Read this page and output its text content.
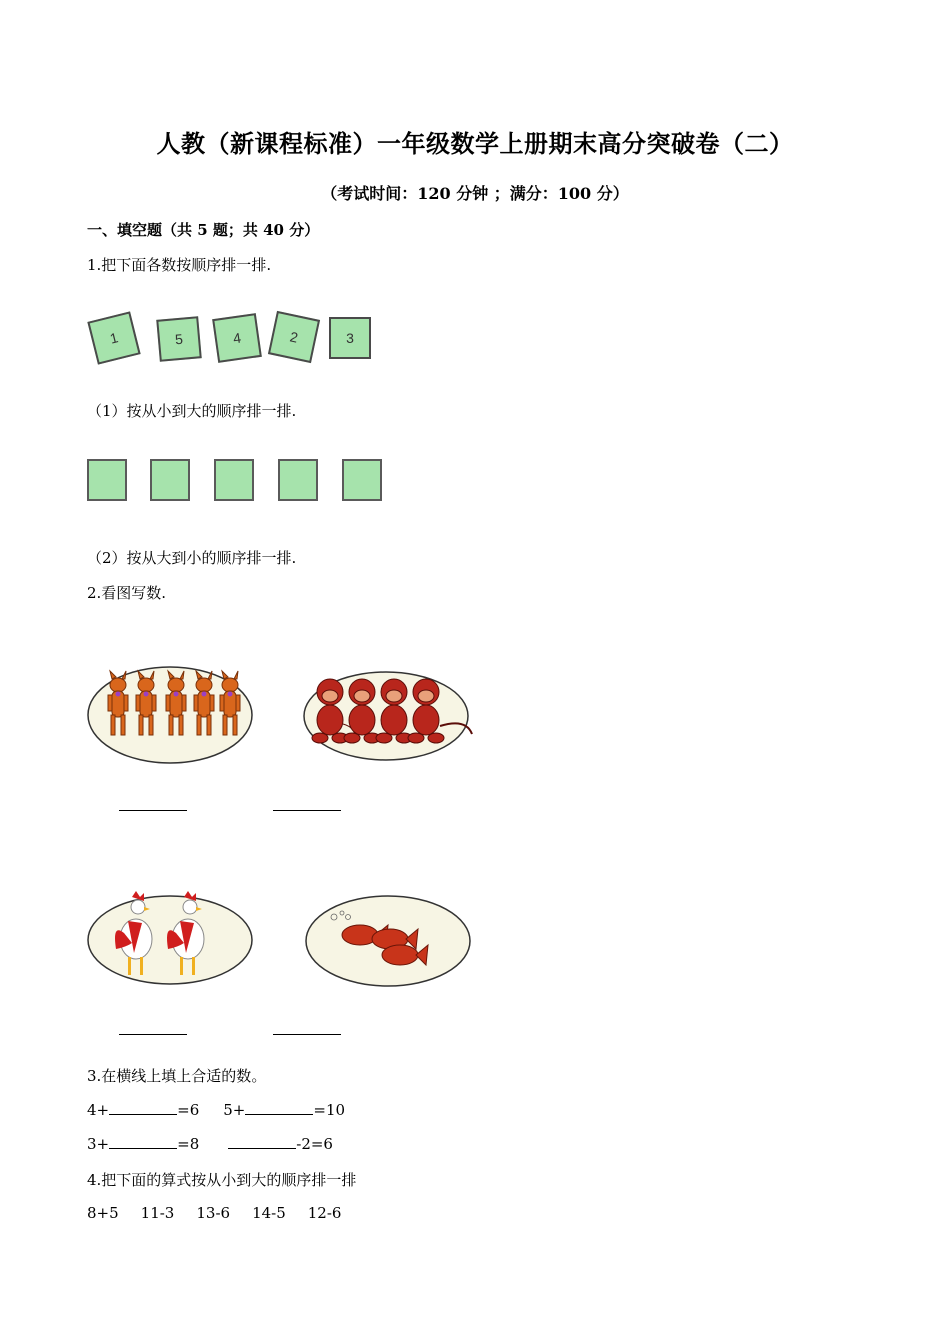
人教（新课程标准）一年级数学上册期末高分突破卷（二）
（考试时间：120 分钟 ；满分：100 分）
一、填空题（共 5 题；共 40 分）
1.把下面各数按顺序排一排.
1	5	4	2	3
（1）按从小到大的顺序排一排.
（2）按从大到小的顺序排一排.
2.看图写数.
3.在横线上填上合适的数。
4+	=6 5+	=10
3+	=8	-2=6
4.把下面的算式按从小到大的顺序排一排
8+5 11-3 13-6 14-5 12-6
